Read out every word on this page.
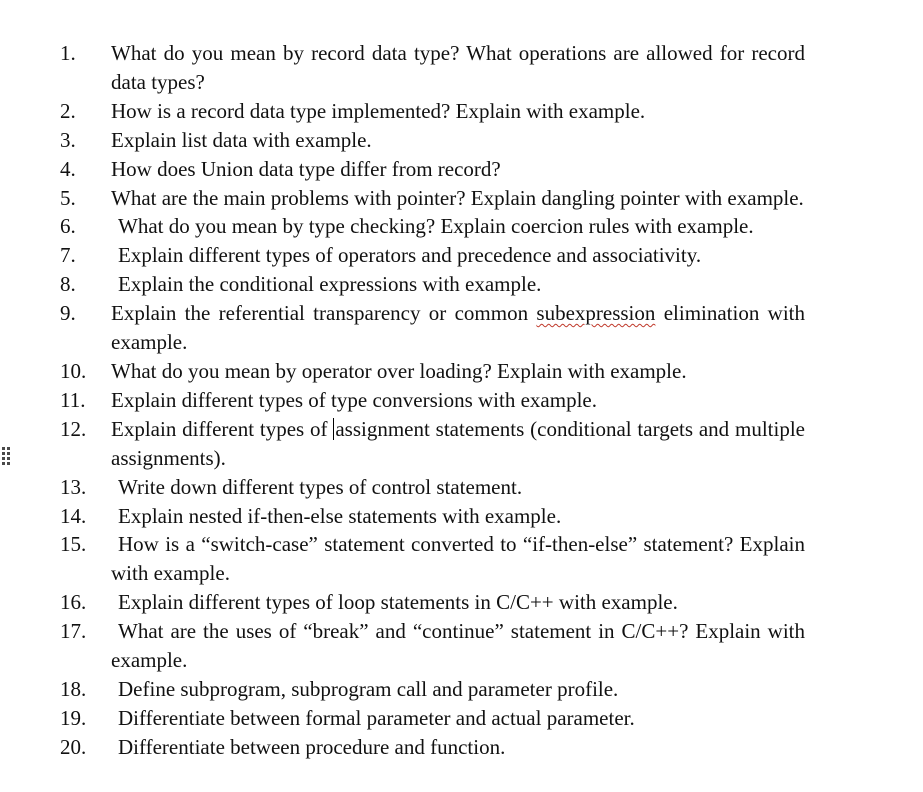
1.	What do you mean by record data type? What operations are allowed for record data types?
2.	How is a record data type implemented? Explain with example.
3.	Explain list data with example.
4.	How does Union data type differ from record?
5.	What are the main problems with pointer? Explain dangling pointer with example.
6.	What do you mean by type checking? Explain coercion rules with example.
7.	Explain different types of operators and precedence and associativity.
8.	Explain the conditional expressions with example.
9.	Explain the referential transparency or common subexpression elimination with example.
10.	What do you mean by operator over loading? Explain with example.
11.	Explain different types of type conversions with example.
12.	Explain different types of assignment statements (conditional targets and multiple assignments).
13.	Write down different types of control statement.
14.	Explain nested if-then-else statements with example.
15.	How is a “switch-case” statement converted to “if-then-else” statement? Explain with example.
16.	Explain different types of loop statements in C/C++ with example.
17.	What are the uses of “break” and “continue” statement in C/C++? Explain with example.
18.	Define subprogram, subprogram call and parameter profile.
19.	Differentiate between formal parameter and actual parameter.
20.	Differentiate between procedure and function.
